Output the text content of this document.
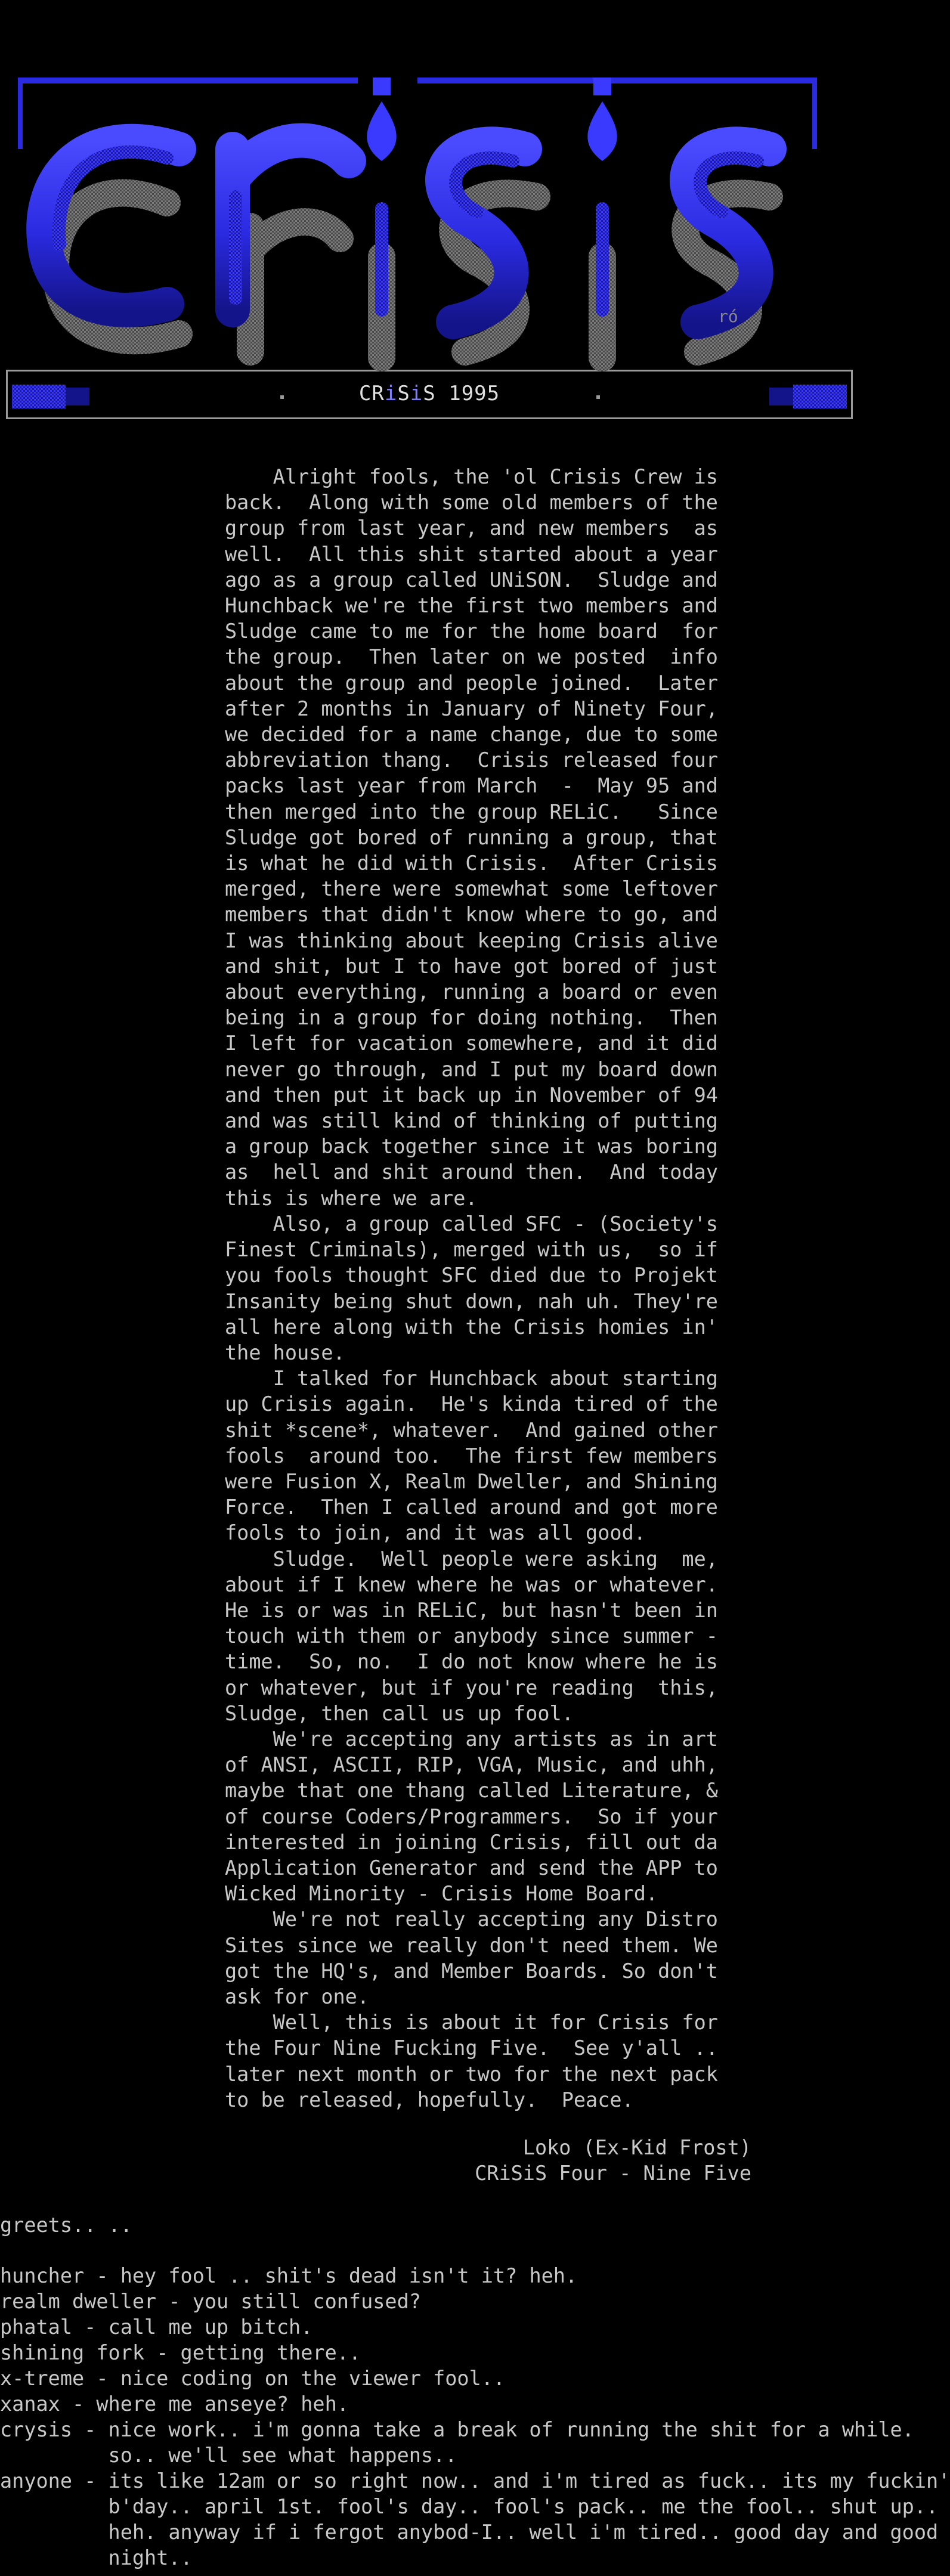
CRiSiS 1995
ró
Alright fools, the 'ol Crisis Crew is
back.  Along with some old members of the
group from last year, and new members  as
well.  All this shit started about a year
ago as a group called UNiSON.  Sludge and
Hunchback we're the first two members and
Sludge came to me for the home board  for
the group.  Then later on we posted  info
about the group and people joined.  Later
after 2 months in January of Ninety Four,
we decided for a name change, due to some
abbreviation thang.  Crisis released four
packs last year from March  -  May 95 and
then merged into the group RELiC.   Since
Sludge got bored of running a group, that
is what he did with Crisis.  After Crisis
merged, there were somewhat some leftover
members that didn't know where to go, and
I was thinking about keeping Crisis alive
and shit, but I to have got bored of just
about everything, running a board or even
being in a group for doing nothing.  Then
I left for vacation somewhere, and it did
never go through, and I put my board down
and then put it back up in November of 94
and was still kind of thinking of putting
a group back together since it was boring
as  hell and shit around then.  And today
this is where we are.
Also, a group called SFC - (Society's
Finest Criminals), merged with us,  so if
you fools thought SFC died due to Projekt
Insanity being shut down, nah uh. They're
all here along with the Crisis homies in'
the house.
I talked for Hunchback about starting
up Crisis again.  He's kinda tired of the
shit *scene*, whatever.  And gained other
fools  around too.  The first few members
were Fusion X, Realm Dweller, and Shining
Force.  Then I called around and got more
fools to join, and it was all good.
Sludge.  Well people were asking  me,
about if I knew where he was or whatever.
He is or was in RELiC, but hasn't been in
touch with them or anybody since summer -
time.  So, no.  I do not know where he is
or whatever, but if you're reading  this,
Sludge, then call us up fool.
We're accepting any artists as in art
of ANSI, ASCII, RIP, VGA, Music, and uhh,
maybe that one thang called Literature, &
of course Coders/Programmers.  So if your
interested in joining Crisis, fill out da
Application Generator and send the APP to
Wicked Minority - Crisis Home Board.
We're not really accepting any Distro
Sites since we really don't need them. We
got the HQ's, and Member Boards. So don't
ask for one.
Well, this is about it for Crisis for
the Four Nine Fucking Five.  See y'all ..
later next month or two for the next pack
to be released, hopefully.  Peace.
Loko (Ex-Kid Frost)
CRiSiS Four - Nine Five
greets.. ..
huncher - hey fool .. shit's dead isn't it? heh.
realm dweller - you still confused?
phatal - call me up bitch.
shining fork - getting there..
x-treme - nice coding on the viewer fool..
xanax - where me anseye? heh.
crysis - nice work.. i'm gonna take a break of running the shit for a while.

so.. we'll see what happens..
anyone - its like 12am or so right now.. and i'm tired as fuck.. its my fuckin'

b'day.. april 1st. fool's day.. fool's pack.. me the fool.. shut up..

heh. anyway if i fergot anybod-I.. well i'm tired.. good day and good

night..
